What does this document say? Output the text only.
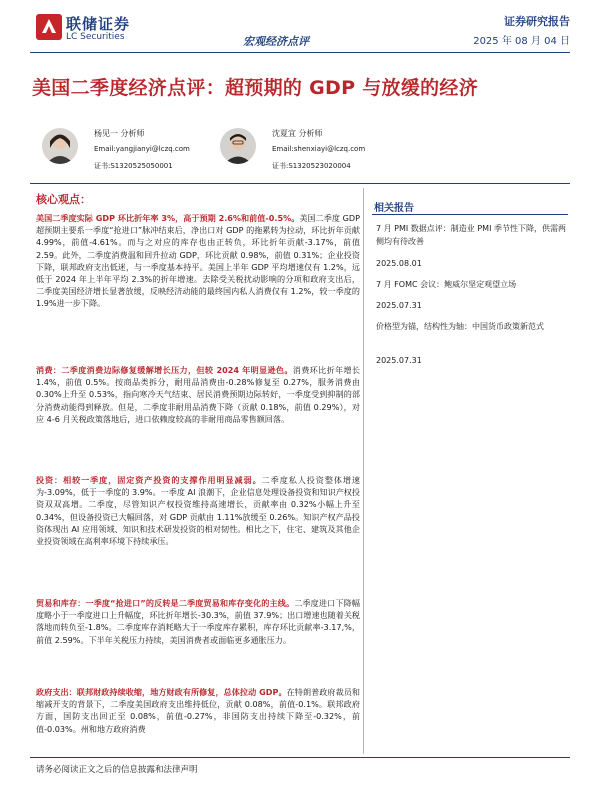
联储证券
LC Securities	宏观经济点评
证券研究报告
2025 年 08 月 04 日
美国二季度经济点评：超预期的 GDP 与放缓的经济
杨见一 分析师
Email:yangjianyi@lczq.com
证书:S1320525050001
沈夏宜 分析师
Email:shenxiayi@lczq.com
证书:S1320523020004
核心观点：
美国二季度实际 GDP 环比折年率 3%，高于预期 2.6%和前值-0.5%。美国二季度 GDP 超预期主要系一季度“抢进口”脉冲结束后，净出口对 GDP 的拖累转为拉动，环比折年贡献 4.99%，前值-4.61%。而与之对应的库存也由正转负，环比折年贡献-3.17%，前值 2.59。此外，二季度消费温和回升拉动 GDP，环比贡献 0.98%，前值 0.31%；企业投资下降，联邦政府支出低迷，与一季度基本持平。美国上半年 GDP 平均增速仅有 1.2%，远低于 2024 年上半年平均 2.3%的折年增速。去除受关税扰动影响的分项和政府支出后，二季度美国经济增长显著放缓，反映经济动能的最终国内私人消费仅有 1.2%，较一季度的 1.9%进一步下降。
消费：二季度消费边际修复缓解增长压力，但较 2024 年明显逊色。消费环比折年增长 1.4%，前值 0.5%。按商品类拆分，耐用品消费由-0.28%修复至 0.27%，服务消费由 0.30%上升至 0.53%，指向寒冷天气结束、居民消费预期边际转好，一季度受到抑制的部分消费动能得到释放。但是，二季度非耐用品消费下降（贡献 0.18%，前值 0.29%），对应 4-6 月关税政策落地后，进口依赖度较高的非耐用商品零售额回落。
投资：相较一季度，固定资产投资的支撑作用明显减弱。二季度私人投资整体增速为-3.09%，低于一季度的 3.9%。一季度 AI 浪潮下，企业信息处理设备投资和知识产权投资双双高增。二季度，尽管知识产权投资维持高速增长，贡献率由 0.32%小幅上升至 0.34%，但设备投资已大幅回落，对 GDP 贡献由 1.11%放缓至 0.26%。知识产权产品投资体现出 AI 应用领域、知识和技术研发投资的相对韧性。相比之下，住宅、建筑及其他企业投资领域在高利率环境下持续承压。
贸易和库存：一季度“抢进口”的反转是二季度贸易和库存变化的主线。二季度进口下降幅度略小于一季度进口上升幅度，环比折年增长-30.3%，前值 37.9%；出口增速也随着关税落地而转负至-1.8%。二季度库存消耗略大于一季度库存累积，库存环比贡献率-3.17,%，前值 2.59%。下半年关税压力持续，美国消费者或面临更多通胀压力。
政府支出：联邦财政持续收缩，地方财政有所修复，总体拉动 GDP。在特朗普政府裁员和缩减开支的背景下，二季度美国政府支出维持低位，贡献 0.08%，前值-0.1%。联邦政府方面，国防支出回正至 0.08%，前值-0.27%，非国防支出持续下降至-0.32%，前值-0.03%。州和地方政府消费
相关报告
7 月 PMI 数据点评：制造业 PMI 季节性下降，供需两侧均有待改善
2025.08.01
7 月 FOMC 会议：鲍威尔坚定观望立场
2025.07.31
价格型为锚，结构性为轴：中国货币政策新范式
2025.07.31
请务必阅读正文之后的信息披露和法律声明
